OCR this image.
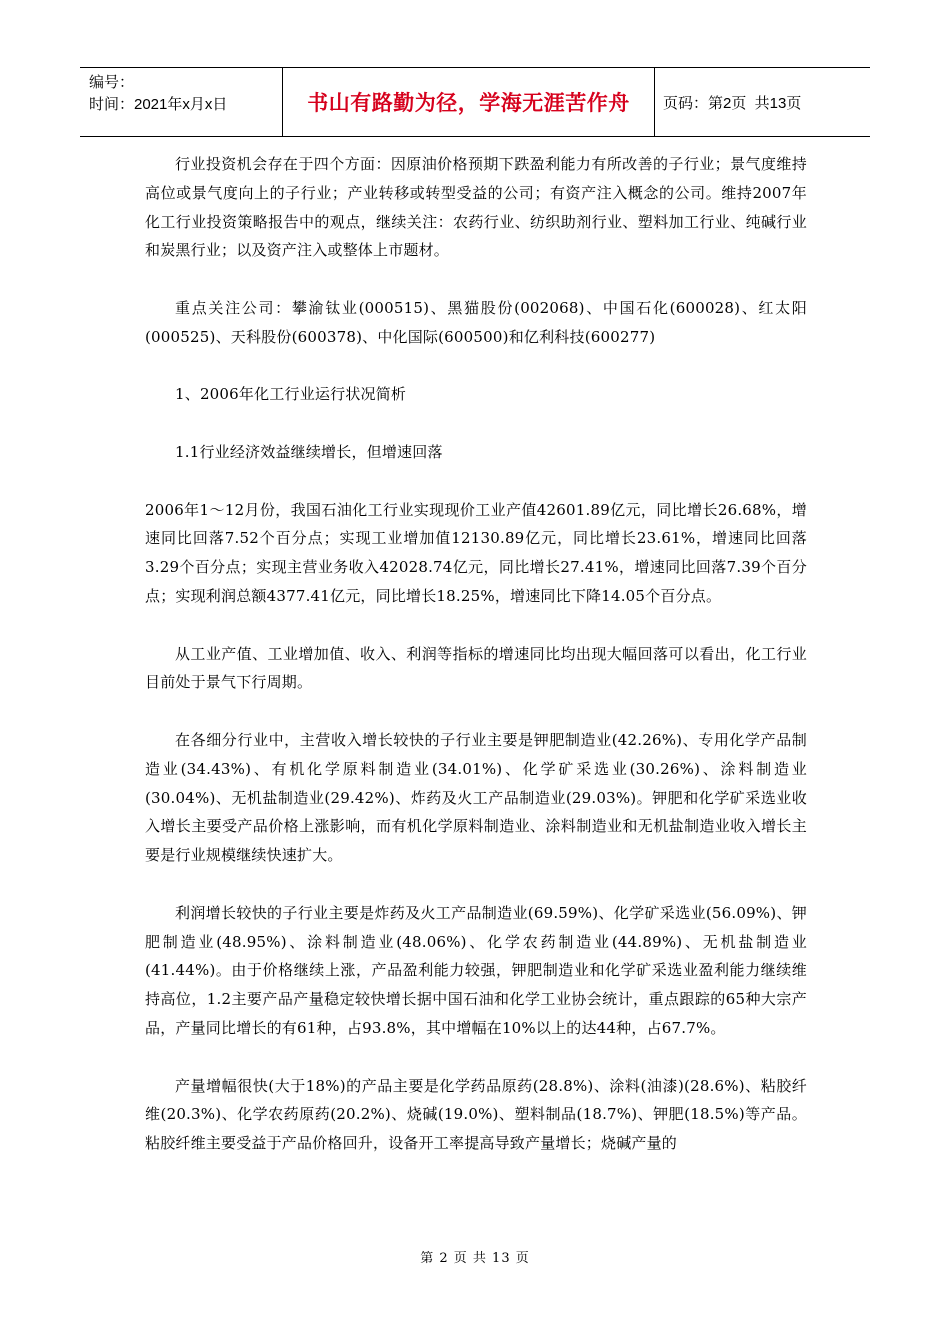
编号：
时间：2021年x月x日	书山有路勤为径，学海无涯苦作舟	页码：第2页  共13页

行业投资机会存在于四个方面：因原油价格预期下跌盈利能力有所改善的子行业；景气度维持高位或景气度向上的子行业；产业转移或转型受益的公司；有资产注入概念的公司。维持2007年化工行业投资策略报告中的观点，继续关注：农药行业、纺织助剂行业、塑料加工行业、纯碱行业和炭黑行业；以及资产注入或整体上市题材。

重点关注公司：攀渝钛业(000515)、黑猫股份(002068)、中国石化(600028)、红太阳(000525)、天科股份(600378)、中化国际(600500)和亿利科技(600277)

1、2006年化工行业运行状况简析

1.1行业经济效益继续增长，但增速回落

2006年1～12月份，我国石油化工行业实现现价工业产值42601.89亿元，同比增长26.68%，增速同比回落7.52个百分点；实现工业增加值12130.89亿元，同比增长23.61%，增速同比回落3.29个百分点；实现主营业务收入42028.74亿元，同比增长27.41%，增速同比回落7.39个百分点；实现利润总额4377.41亿元，同比增长18.25%，增速同比下降14.05个百分点。

从工业产值、工业增加值、收入、利润等指标的增速同比均出现大幅回落可以看出，化工行业目前处于景气下行周期。

在各细分行业中，主营收入增长较快的子行业主要是钾肥制造业(42.26%)、专用化学产品制造业(34.43%)、有机化学原料制造业(34.01%)、化学矿采选业(30.26%)、涂料制造业(30.04%)、无机盐制造业(29.42%)、炸药及火工产品制造业(29.03%)。钾肥和化学矿采选业收入增长主要受产品价格上涨影响，而有机化学原料制造业、涂料制造业和无机盐制造业收入增长主要是行业规模继续快速扩大。

利润增长较快的子行业主要是炸药及火工产品制造业(69.59%)、化学矿采选业(56.09%)、钾肥制造业(48.95%)、涂料制造业(48.06%)、化学农药制造业(44.89%)、无机盐制造业(41.44%)。由于价格继续上涨，产品盈利能力较强，钾肥制造业和化学矿采选业盈利能力继续维持高位，1.2主要产品产量稳定较快增长据中国石油和化学工业协会统计，重点跟踪的65种大宗产品，产量同比增长的有61种，占93.8%，其中增幅在10%以上的达44种，占67.7%。

产量增幅很快(大于18%)的产品主要是化学药品原药(28.8%)、涂料(油漆)(28.6%)、粘胶纤维(20.3%)、化学农药原药(20.2%)、烧碱(19.0%)、塑料制品(18.7%)、钾肥(18.5%)等产品。粘胶纤维主要受益于产品价格回升，设备开工率提高导致产量增长；烧碱产量的

第 2 页 共 13 页
